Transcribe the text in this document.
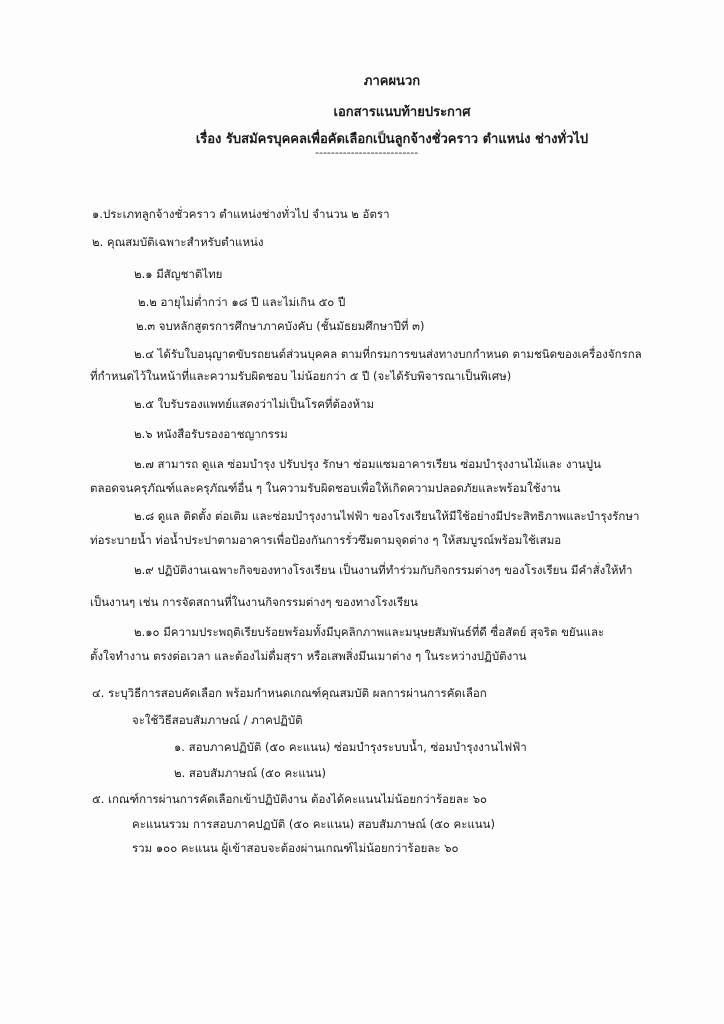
ภาคผนวก
เอกสารแนบท้ายประกาศ
เรื่อง รับสมัครบุคคลเพื่อคัดเลือกเป็นลูกจ้างชั่วคราว ตำแหน่ง ช่างทั่วไป
--------------------------
๑.ประเภทลูกจ้างชั่วคราว ตำแหน่งช่างทั่วไป จำนวน ๒ อัตรา
๒. คุณสมบัติเฉพาะสำหรับตำแหน่ง
๒.๑ มีสัญชาติไทย
๒.๒ อายุไม่ต่ำกว่า ๑๘ ปี และไม่เกิน ๕๐ ปี
๒.๓ จบหลักสูตรการศึกษาภาคบังคับ (ชั้นมัธยมศึกษาปีที่ ๓)
๒.๔ ได้รับใบอนุญาตขับรถยนต์ส่วนบุคคล ตามที่กรมการขนส่งทางบกกำหนด ตามชนิดของเครื่องจักรกล
ที่กำหนดไว้ในหน้าที่และความรับผิดชอบ ไม่น้อยกว่า ๕ ปี (จะได้รับพิจารณาเป็นพิเศษ)
๒.๕ ใบรับรองแพทย์แสดงว่าไม่เป็นโรคที่ต้องห้าม
๒.๖ หนังสือรับรองอาชญากรรม
๒.๗ สามารถ ดูแล ซ่อมบำรุง ปรับปรุง รักษา ซ่อมแซมอาคารเรียน ซ่อมบำรุงงานไม้และ งานปูน
ตลอดจนครุภัณฑ์และครุภัณฑ์อื่น ๆ ในความรับผิดชอบเพื่อให้เกิดความปลอดภัยและพร้อมใช้งาน
๒.๘ ดูแล ติดตั้ง ต่อเติม และซ่อมบำรุงงานไฟฟ้า ของโรงเรียนให้มีใช้อย่างมีประสิทธิภาพและบำรุงรักษา
ท่อระบายน้ำ ท่อน้ำประปาตามอาคารเพื่อป้องกันการรั่วซึมตามจุดต่าง ๆ ให้สมบูรณ์พร้อมใช้เสมอ
๒.๙ ปฏิบัติงานเฉพาะกิจของทางโรงเรียน เป็นงานที่ทำร่วมกับกิจกรรมต่างๆ ของโรงเรียน มีคำสั่งให้ทำ
เป็นงานๆ เช่น การจัดสถานที่ในงานกิจกรรมต่างๆ ของทางโรงเรียน
๒.๑๐ มีความประพฤติเรียบร้อยพร้อมทั้งมีบุคลิกภาพและมนุษยสัมพันธ์ที่ดี ซื่อสัตย์ สุจริต ขยันและ
ตั้งใจทำงาน ตรงต่อเวลา และต้องไม่ดื่มสุรา หรือเสพสิ่งมึนเมาต่าง ๆ ในระหว่างปฏิบัติงาน
๔. ระบุวิธีการสอบคัดเลือก พร้อมกำหนดเกณฑ์คุณสมบัติ ผลการผ่านการคัดเลือก
จะใช้วิธีสอบสัมภาษณ์ / ภาคปฏิบัติ
๑. สอบภาคปฏิบัติ (๕๐ คะแนน) ซ่อมบำรุงระบบน้ำ, ซ่อมบำรุงงานไฟฟ้า
๒. สอบสัมภาษณ์ (๕๐ คะแนน)
๕. เกณฑ์การผ่านการคัดเลือกเข้าปฏิบัติงาน ต้องได้คะแนนไม่น้อยกว่าร้อยละ ๖๐
คะแนนรวม การสอบภาคปฏบัติ (๕๐ คะแนน) สอบสัมภาษณ์ (๕๐ คะแนน)
รวม ๑๐๐ คะแนน ผู้เข้าสอบจะต้องผ่านเกณฑ์ไม่น้อยกว่าร้อยละ ๖๐
